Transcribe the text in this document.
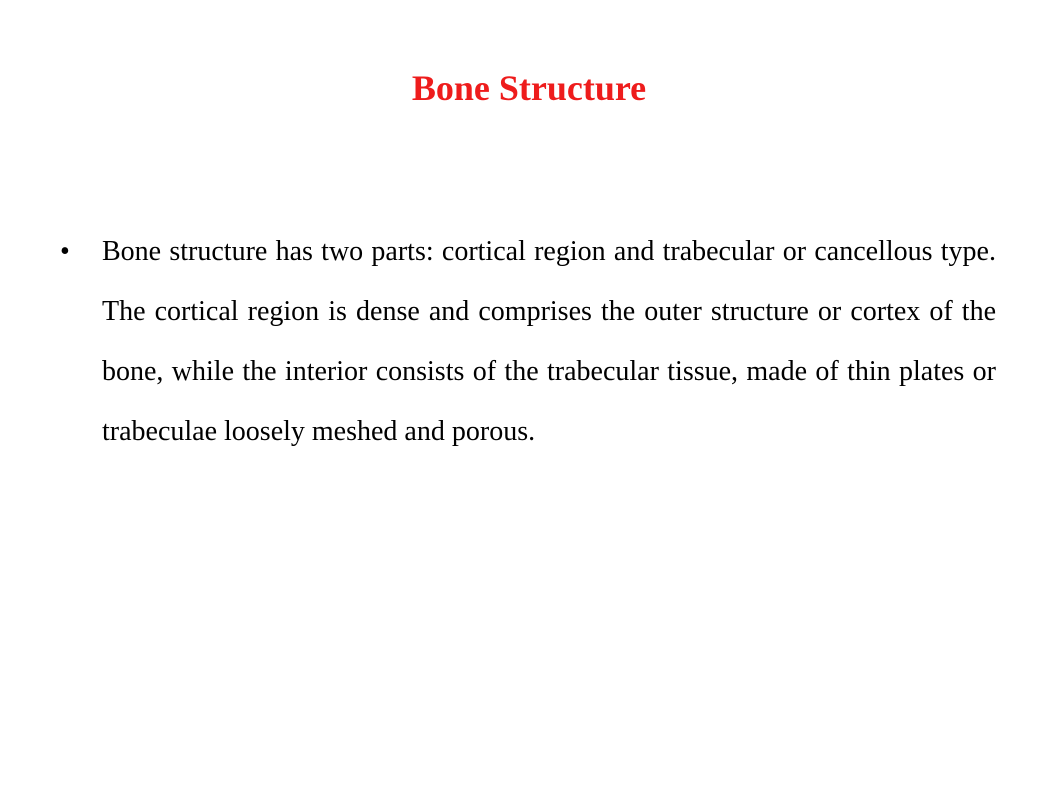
Bone Structure
•	Bone structure has two parts: cortical region and trabecular or cancellous type. The cortical region is dense and comprises the outer structure or cortex of the bone, while the interior consists of the trabecular tissue, made of thin plates or trabeculae loosely meshed and porous.
